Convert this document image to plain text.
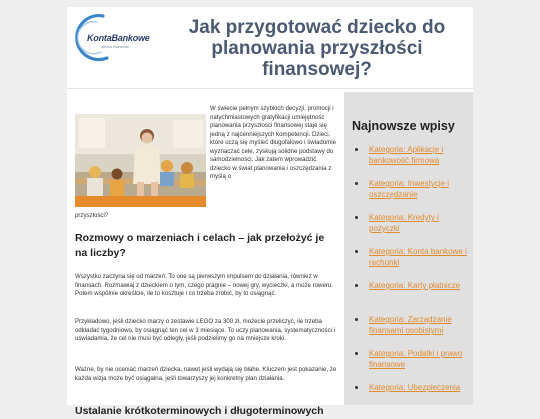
KontaBankowe
wiedza finansowa
Jak przygotować dziecko do planowania przyszłości finansowej?

W świecie pełnym szybkich decyzji, promocji i natychmiastowych gratyfikacji umiejętność planowania przyszłości finansowej staje się jedną z najcenniejszych kompetencji. Dzieci, które uczą się myśleć długofalowo i świadomie wyznaczać cele, zyskują solidne podstawy do samodzielności. Jak zatem wprowadzić dziecko w świat planowania i oszczędzania z myślą o

przyszłości?

Rozmowy o marzeniach i celach – jak przełożyć je na liczby?

Wszystko zaczyna się od marzeń. To one są pierwszym impulsem do działania, również w finansach. Rozmawiaj z dzieckiem o tym, czego pragnie – nowej gry, wycieczki, a może roweru. Potem wspólnie określcie, ile to kosztuje i co trzeba zrobić, by to osiągnąć.

Przykładowo, jeśli dziecko marzy o zestawie LEGO za 300 zł, możecie przeliczyć, ile trzeba odkładać tygodniowo, by osiągnąć ten cel w 3 miesiące. To uczy planowania, systematyczności i uświadamia, że cel nie musi być odległy, jeśli podzielimy go na mniejsze kroki.

Ważne, by nie oceniać marzeń dziecka, nawet jeśli wydają się błahe. Kluczem jest pokazanie, że każda wizja może być osiągalna, jeśli towarzyszy jej konkretny plan działania.

Ustalanie krótkoterminowych i długoterminowych
Najnowsze wpisy
Kategoria: Aplikacje i bankowość firmowa
Kategoria: Inwestycje i oszczędzanie
Kategoria: Kredyty i pożyczki
Kategoria: Konta bankowe i rachunki
Kategoria: Karty płatnicze
Kategoria: Zarządzanie finansami osobistymi
Kategoria: Podatki i prawo finansowe
Kategoria: Ubezpieczenia
